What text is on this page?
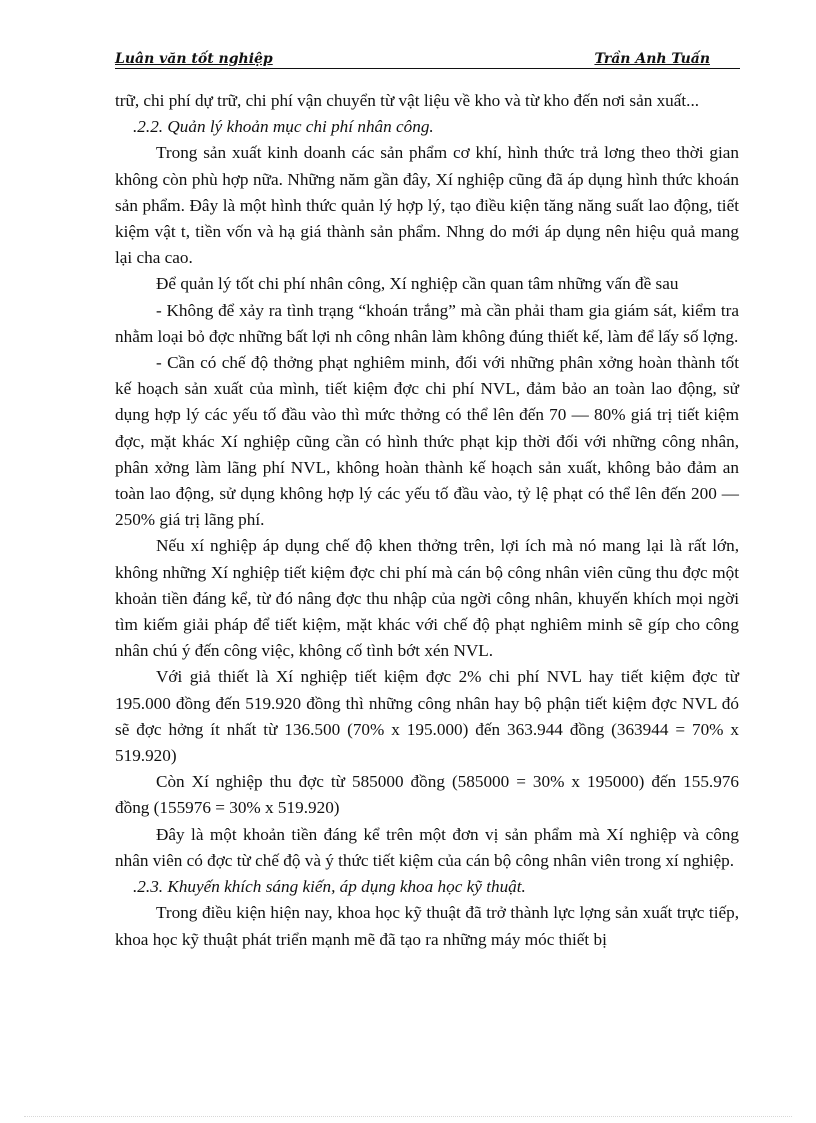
Luân văn tốt nghiệp	Trần Anh Tuấn

trữ, chi phí dự trữ, chi phí vận chuyển từ vật liệu về kho và từ kho đến nơi sản xuất...

.2.2. Quản lý khoản mục chi phí nhân công.

Trong sản xuất kinh doanh các sản phẩm cơ khí, hình thức trả lơng theo thời gian không còn phù hợp nữa. Những năm gần đây, Xí nghiệp cũng đã áp dụng hình thức khoán sản phẩm. Đây là một hình thức quản lý hợp lý, tạo điều kiện tăng năng suất lao động, tiết kiệm vật t, tiền vốn và hạ giá thành sản phẩm. Nhng do mới áp dụng nên hiệu quả mang lại cha cao.

Để quản lý tốt chi phí nhân công, Xí nghiệp cần quan tâm những vấn đề sau

- Không để xảy ra tình trạng “khoán trắng” mà cần phải tham gia giám sát, kiểm tra nhằm loại bỏ đợc những bất lợi nh công nhân làm không đúng thiết kế, làm để lấy số lợng.

- Cần có chế độ thởng phạt nghiêm minh, đối với những phân xởng hoàn thành tốt kế hoạch sản xuất của mình, tiết kiệm đợc chi phí NVL, đảm bảo an toàn lao động, sử dụng hợp lý các yếu tố đầu vào thì mức thởng có thể lên đến 70 — 80% giá trị tiết kiệm đợc, mặt khác Xí nghiệp cũng cần có hình thức phạt kịp thời đối với những công nhân, phân xởng làm lãng phí NVL, không hoàn thành kế hoạch sản xuất, không bảo đảm an toàn lao động, sử dụng không hợp lý các yếu tố đầu vào, tỷ lệ phạt có thể lên đến 200 — 250% giá trị lãng phí.

Nếu xí nghiệp áp dụng chế độ khen thởng trên, lợi ích mà nó mang lại là rất lớn, không những Xí nghiệp tiết kiệm đợc chi phí mà cán bộ công nhân viên cũng thu đợc một khoản tiền đáng kể, từ đó nâng đợc thu nhập của ngời công nhân, khuyến khích mọi ngời tìm kiếm giải pháp để tiết kiệm, mặt khác với chế độ phạt nghiêm minh sẽ gíp cho công nhân chú ý đến công việc, không cố tình bớt xén NVL.

Với giả thiết là Xí nghiệp tiết kiệm đợc 2% chi phí NVL hay tiết kiệm đợc từ 195.000 đồng đến 519.920 đồng thì những công nhân hay bộ phận tiết kiệm đợc NVL đó sẽ đợc hởng ít nhất từ 136.500 (70% x 195.000) đến 363.944 đồng (363944 = 70% x 519.920)

Còn Xí nghiệp thu đợc từ 585000 đồng (585000 = 30% x 195000) đến 155.976 đồng (155976 = 30% x 519.920)

Đây là một khoản tiền đáng kể trên một đơn vị sản phẩm mà Xí nghiệp và công nhân viên có đợc từ chế độ và ý thức tiết kiệm của cán bộ công nhân viên trong xí nghiệp.

.2.3. Khuyến khích sáng kiến, áp dụng khoa học kỹ thuật.

Trong điều kiện hiện nay, khoa học kỹ thuật đã trở thành lực lợng sản xuất trực tiếp, khoa học kỹ thuật phát triển mạnh mẽ đã tạo ra những máy móc thiết bị
